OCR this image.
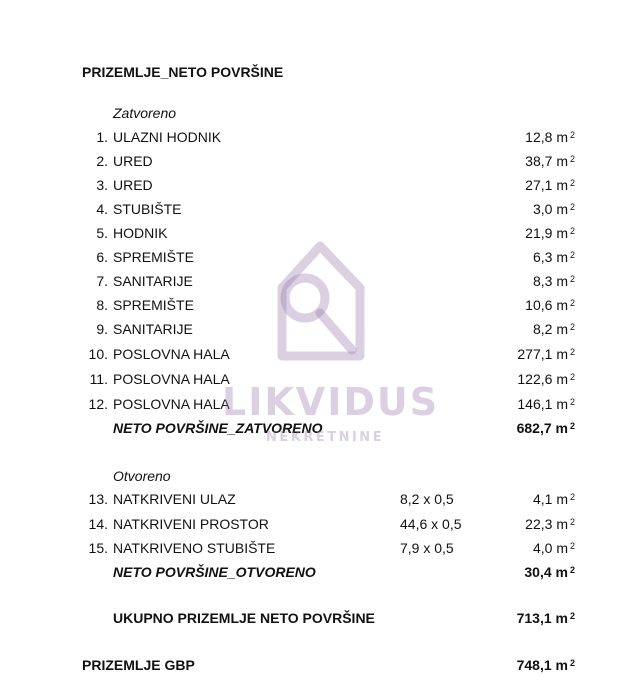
PRIZEMLJE_NETO POVRŠINE
Zatvoreno
1. ULAZNI HODNIK	12,8 m $^2$
2. URED	38,7 m $^2$
3. URED	27,1 m $^2$
4. STUBIŠTE	3,0 m $^2$
5. HODNIK	21,9 m $^2$
6. SPREMIŠTE	6,3 m $^2$
7. SANITARIJE	8,3 m $^2$
8. SPREMIŠTE	10,6 m $^2$
9. SANITARIJE	8,2 m $^2$
10. POSLOVNA HALA	277,1 m $^2$
11. POSLOVNA HALA	122,6 m $^2$
12. POSLOVNA HALA	146,1 m $^2$
NETO POVRŠINE_ZATVORENO	682,7 m $^2$
Otvoreno
13. NATKRIVENI ULAZ	8,2 x 0,5	4,1 m $^2$
14. NATKRIVENI PROSTOR	44,6 x 0,5	22,3 m $^2$
15. NATKRIVENO STUBIŠTE	7,9 x 0,5	4,0 m $^2$
NETO POVRŠINE_OTVORENO	30,4 m $^2$
UKUPNO PRIZEMLJE NETO POVRŠINE	713,1 m $^2$
PRIZEMLJE GBP	748,1 m $^2$
LIKVIDUS
NEKRETNINE
